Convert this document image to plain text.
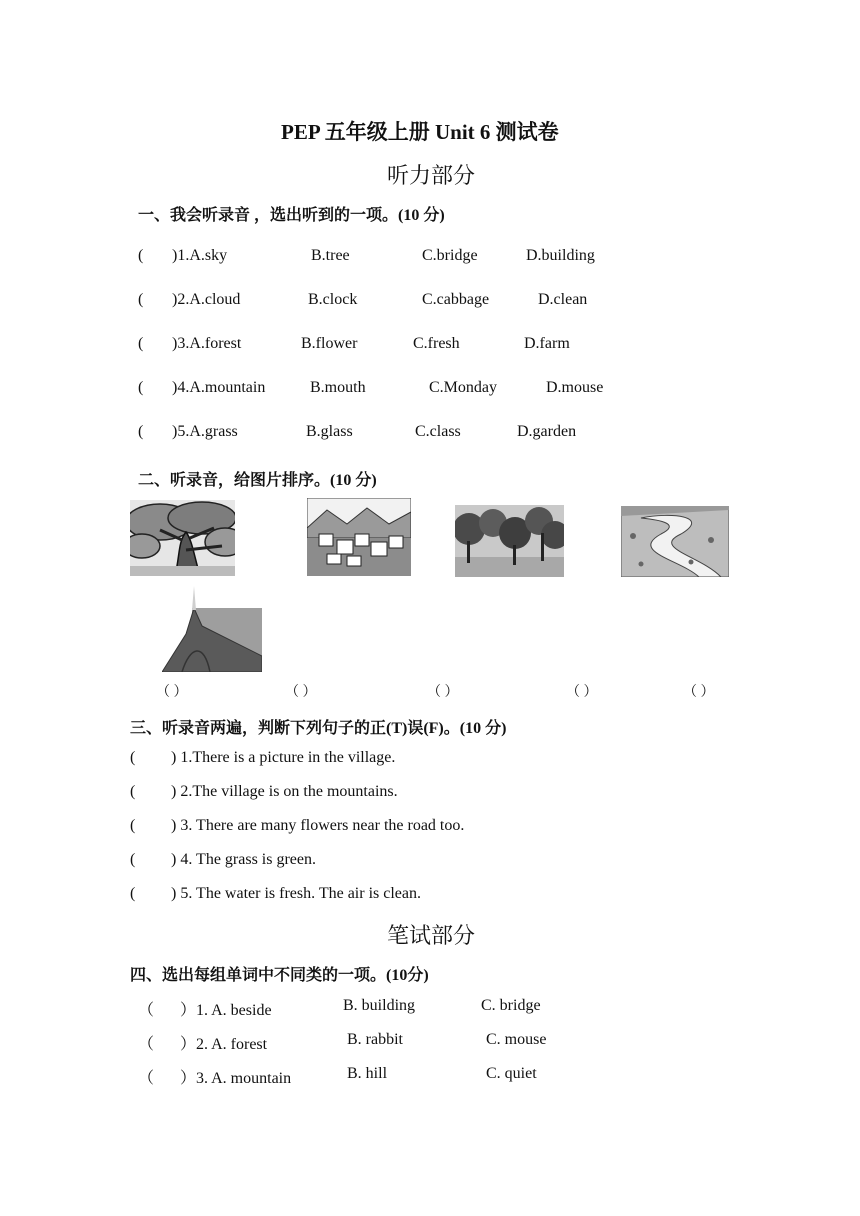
PEP 五年级上册 Unit 6 测试卷
听力部分
一、我会听录音 ，选出听到的一项。(10 分)
( )1.A.sky	B.tree	C.bridge	D.building
( )2.A.cloud	B.clock	C.cabbage	D.clean
( )3.A.forest	B.flower	C.fresh	D.farm
( )4.A.mountain	B.mouth	C.Monday	D.mouse
( )5.A.grass	B.glass	C.class	D.garden
二、听录音，给图片排序。(10 分)
（ ）	（ ）	（ ）	（ ）	（ ）
三、听录音两遍，判断下列句子的正(T)误(F)。(10 分)
( ) 1.There is a picture in the village.
( ) 2.The village is on the mountains.
( ) 3. There are many flowers near the road too.
( ) 4. The grass is green.
( ) 5. The water is fresh. The air is clean.
笔试部分
四、选出每组单词中不同类的一项。(10分)
（ ）1. A. beside	B. building	C. bridge
（ ）2. A. forest	B. rabbit	C. mouse
（ ）3. A. mountain	B. hill	C. quiet
